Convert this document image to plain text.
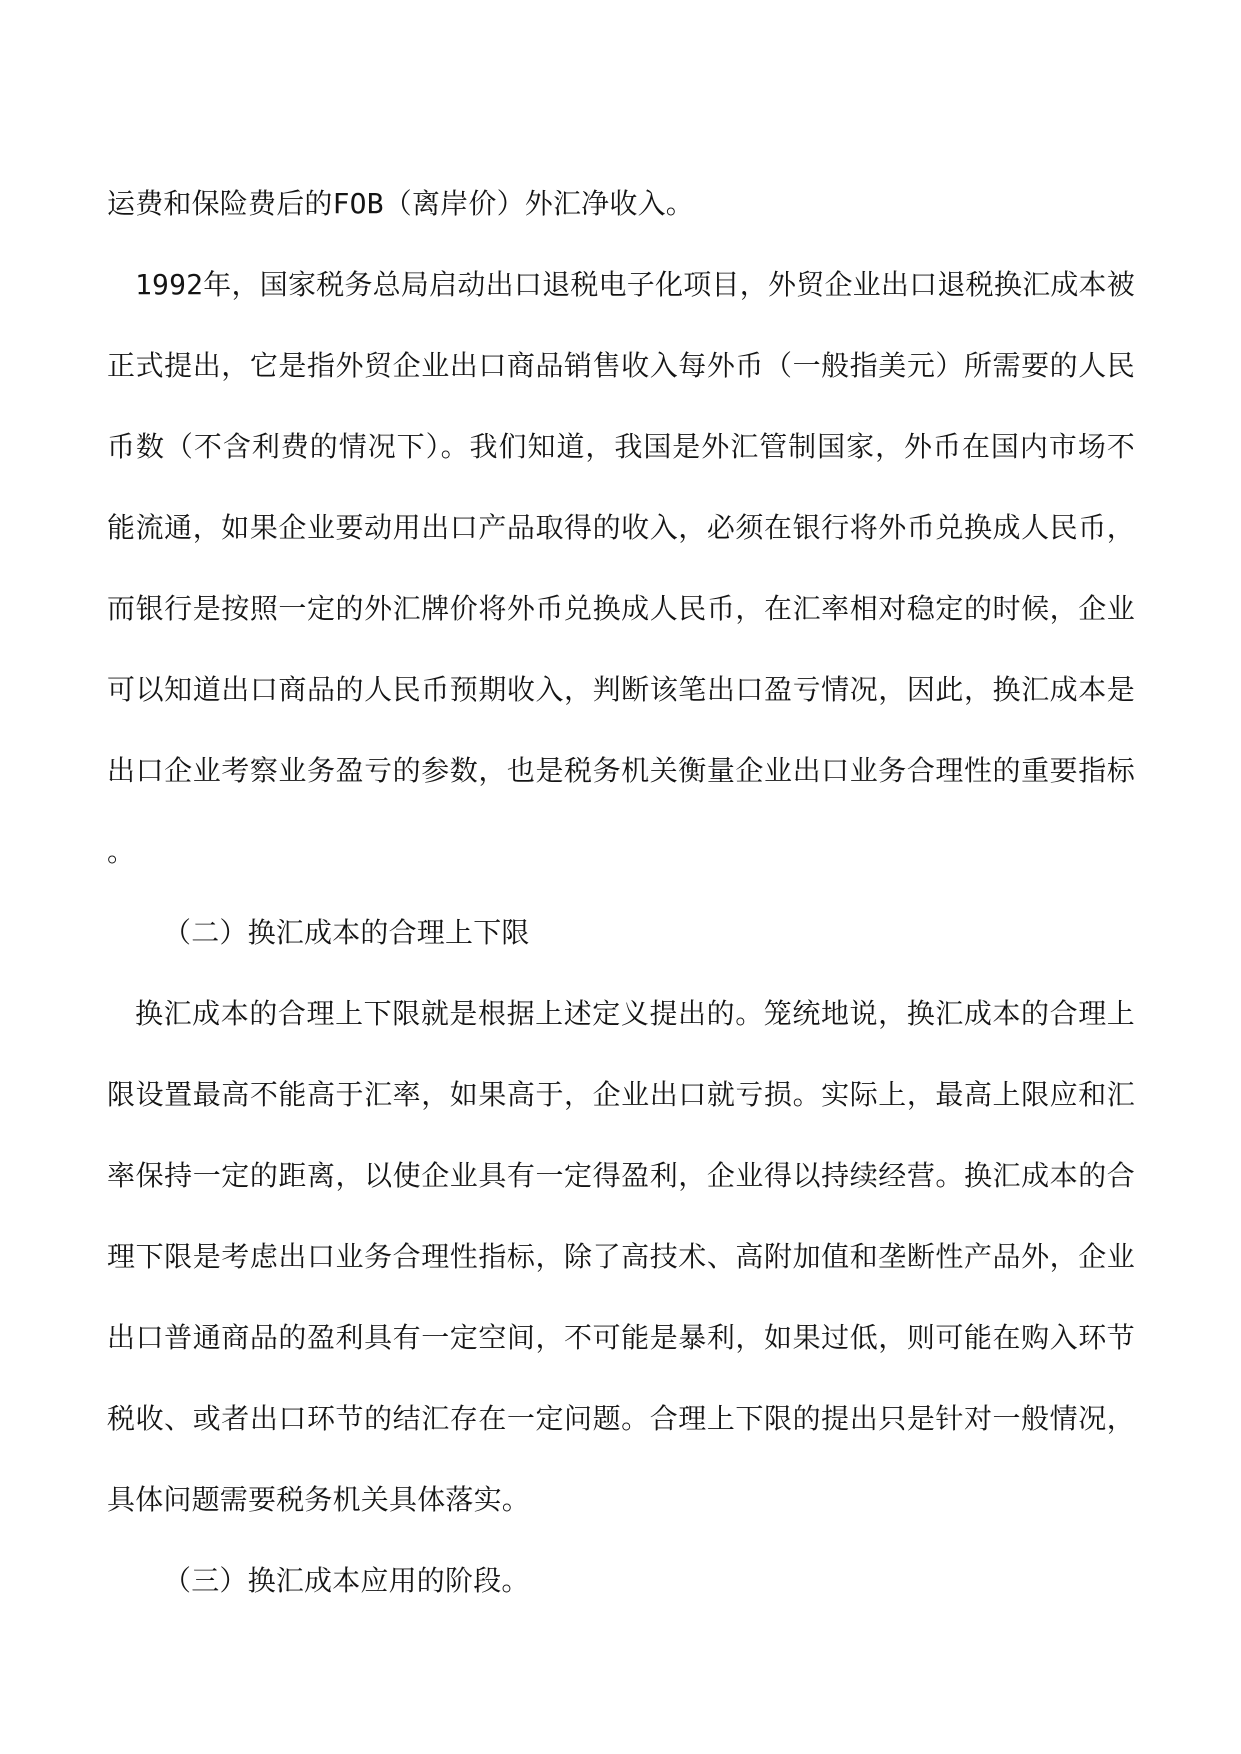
运费和保险费后的FOB（离岸价）外汇净收入。

1992年，国家税务总局启动出口退税电子化项目，外贸企业出口退税换汇成本被正式提出，它是指外贸企业出口商品销售收入每外币（一般指美元）所需要的人民币数（不含利费的情况下）。我们知道，我国是外汇管制国家，外币在国内市场不能流通，如果企业要动用出口产品取得的收入，必须在银行将外币兑换成人民币，而银行是按照一定的外汇牌价将外币兑换成人民币，在汇率相对稳定的时候，企业可以知道出口商品的人民币预期收入，判断该笔出口盈亏情况，因此，换汇成本是出口企业考察业务盈亏的参数，也是税务机关衡量企业出口业务合理性的重要指标。

（二）换汇成本的合理上下限

换汇成本的合理上下限就是根据上述定义提出的。笼统地说，换汇成本的合理上限设置最高不能高于汇率，如果高于，企业出口就亏损。实际上，最高上限应和汇率保持一定的距离，以使企业具有一定得盈利，企业得以持续经营。换汇成本的合理下限是考虑出口业务合理性指标，除了高技术、高附加值和垄断性产品外，企业出口普通商品的盈利具有一定空间，不可能是暴利，如果过低，则可能在购入环节税收、或者出口环节的结汇存在一定问题。合理上下限的提出只是针对一般情况，具体问题需要税务机关具体落实。

（三）换汇成本应用的阶段。
